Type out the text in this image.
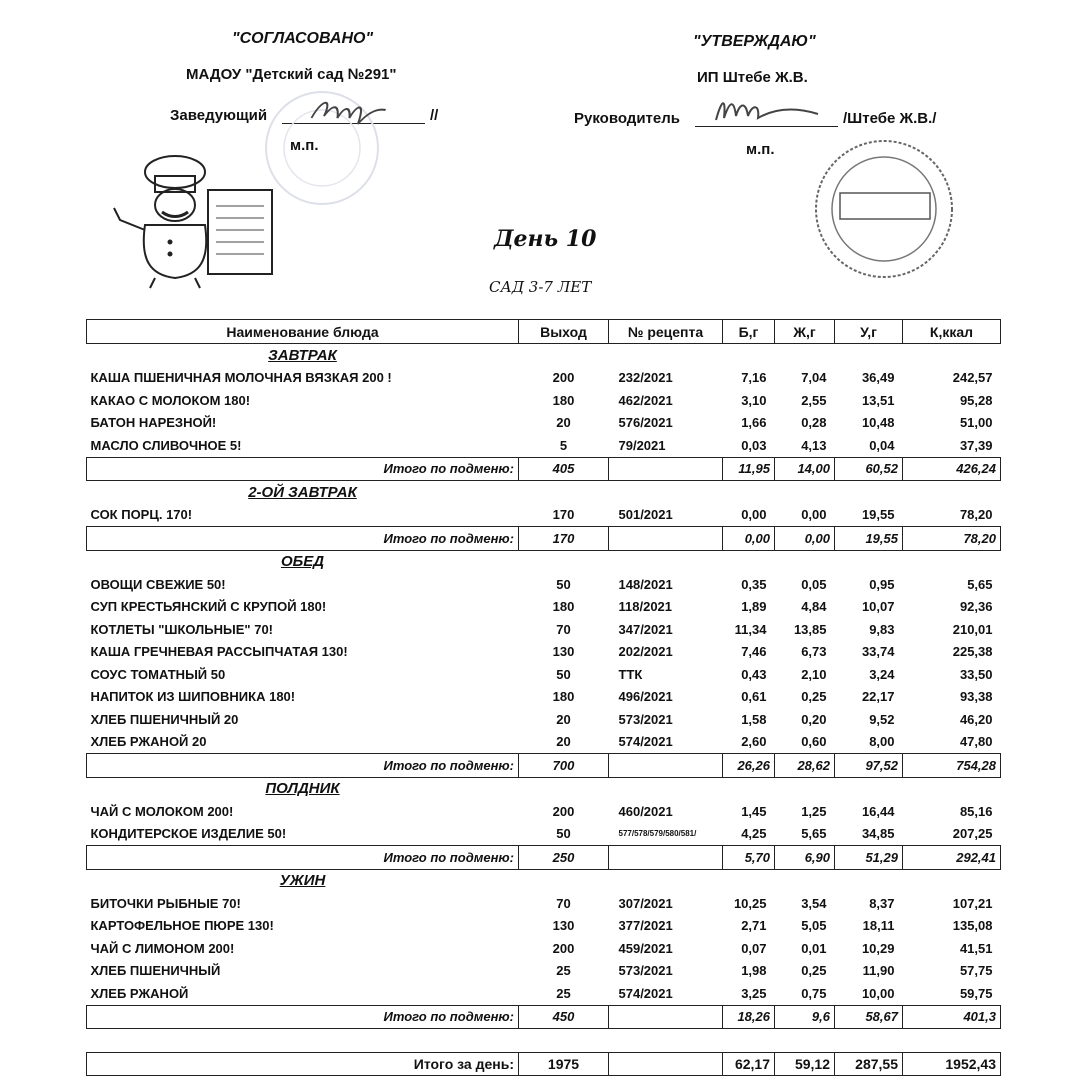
"СОГЛАСОВАНО"
МАДОУ "Детский сад №291"
Заведующий	//
м.п.
"УТВЕРЖДАЮ"
ИП Штебе Ж.В.
Руководитель	/Штебе Ж.В./
м.п.
День 10
САД 3-7 ЛЕТ
Наименование блюда	Выход	№ рецепта	Б,г	Ж,г	У,г	К,ккал
ЗАВТРАК						
КАША ПШЕНИЧНАЯ МОЛОЧНАЯ ВЯЗКАЯ 200 !	200	232/2021	7,16	7,04	36,49	242,57
КАКАО С МОЛОКОМ 180!	180	462/2021	3,10	2,55	13,51	95,28
БАТОН НАРЕЗНОЙ!	20	576/2021	1,66	0,28	10,48	51,00
МАСЛО СЛИВОЧНОЕ 5!	5	79/2021	0,03	4,13	0,04	37,39
Итого по подменю:	405		11,95	14,00	60,52	426,24
2-ОЙ ЗАВТРАК						
СОК ПОРЦ. 170!	170	501/2021	0,00	0,00	19,55	78,20
Итого по подменю:	170		0,00	0,00	19,55	78,20
ОБЕД						
ОВОЩИ СВЕЖИЕ 50!	50	148/2021	0,35	0,05	0,95	5,65
СУП КРЕСТЬЯНСКИЙ С КРУПОЙ 180!	180	118/2021	1,89	4,84	10,07	92,36
КОТЛЕТЫ "ШКОЛЬНЫЕ" 70!	70	347/2021	11,34	13,85	9,83	210,01
КАША ГРЕЧНЕВАЯ РАССЫПЧАТАЯ 130!	130	202/2021	7,46	6,73	33,74	225,38
СОУС ТОМАТНЫЙ 50	50	ТТК	0,43	2,10	3,24	33,50
НАПИТОК ИЗ ШИПОВНИКА 180!	180	496/2021	0,61	0,25	22,17	93,38
ХЛЕБ ПШЕНИЧНЫЙ 20	20	573/2021	1,58	0,20	9,52	46,20
ХЛЕБ РЖАНОЙ 20	20	574/2021	2,60	0,60	8,00	47,80
Итого по подменю:	700		26,26	28,62	97,52	754,28
ПОЛДНИК						
ЧАЙ С МОЛОКОМ 200!	200	460/2021	1,45	1,25	16,44	85,16
КОНДИТЕРСКОЕ ИЗДЕЛИЕ 50!	50	577/578/579/580/581/	4,25	5,65	34,85	207,25
Итого по подменю:	250		5,70	6,90	51,29	292,41
УЖИН						
БИТОЧКИ РЫБНЫЕ 70!	70	307/2021	10,25	3,54	8,37	107,21
КАРТОФЕЛЬНОЕ ПЮРЕ 130!	130	377/2021	2,71	5,05	18,11	135,08
ЧАЙ С ЛИМОНОМ 200!	200	459/2021	0,07	0,01	10,29	41,51
ХЛЕБ ПШЕНИЧНЫЙ	25	573/2021	1,98	0,25	11,90	57,75
ХЛЕБ РЖАНОЙ	25	574/2021	3,25	0,75	10,00	59,75
Итого по подменю:	450		18,26	9,6	58,67	401,3

Итого за день:	1975		62,17	59,12	287,55	1952,43
